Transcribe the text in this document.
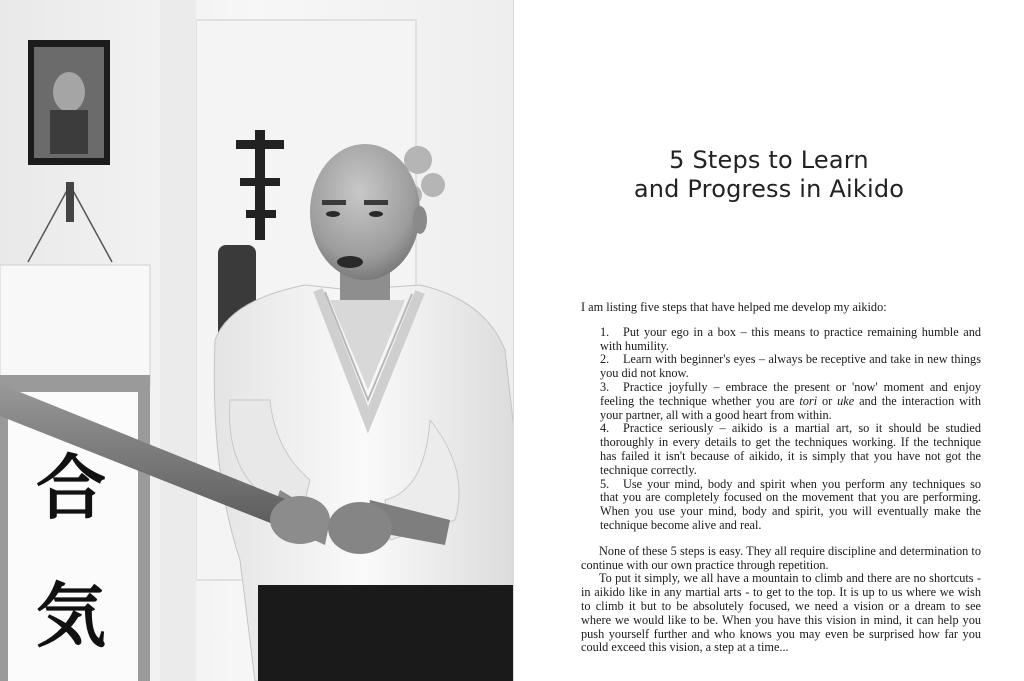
合
気
5 Steps to Learn
and Progress in Aikido

I am listing five steps that have helped me develop my aikido:

1. Put your ego in a box – this means to practice remaining humble and with humility.
2. Learn with beginner's eyes – always be receptive and take in new things you did not know.
3. Practice joyfully – embrace the present or 'now' moment and enjoy feeling the technique whether you are tori or uke and the interaction with your partner, all with a good heart from within.
4. Practice seriously – aikido is a martial art, so it should be studied thoroughly in every details to get the techniques working. If the technique has failed it isn't because of aikido, it is simply that you have not got the technique correctly.
5. Use your mind, body and spirit when you perform any techniques so that you are completely focused on the movement that you are performing. When you use your mind, body and spirit, you will eventually make the technique become alive and real.

None of these 5 steps is easy. They all require discipline and determination to continue with our own practice through repetition.

To put it simply, we all have a mountain to climb and there are no shortcuts - in aikido like in any martial arts - to get to the top. It is up to us where we wish to climb it but to be absolutely focused, we need a vision or a dream to see where we would like to be. When you have this vision in mind, it can help you push yourself further and who knows you may even be surprised how far you could exceed this vision, a step at a time...
